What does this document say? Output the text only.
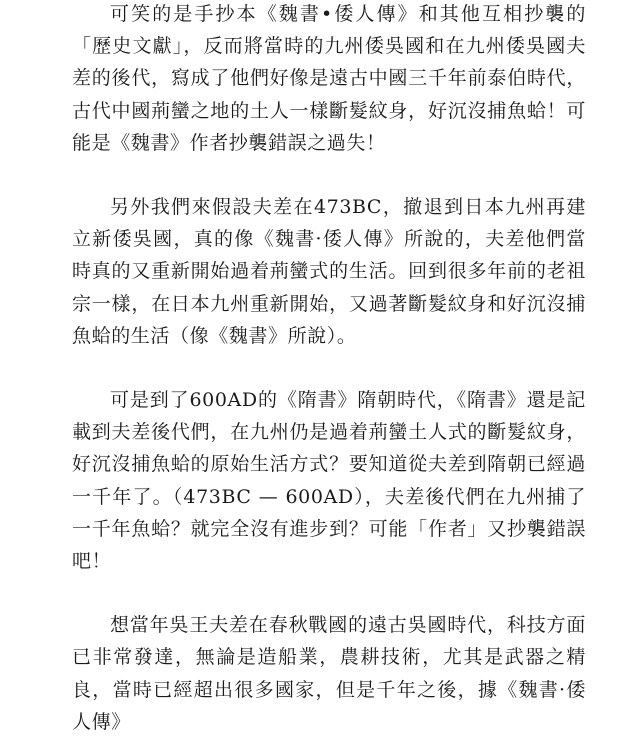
可笑的是手抄本《魏書•倭人傳》和其他互相抄襲的「歷史文獻」，反而將當時的九州倭吳國和在九州倭吳國夫差的後代，寫成了他們好像是遠古中國三千年前泰伯時代，古代中國荊蠻之地的土人一樣斷髮紋身，好沉沒捕魚蛤！可能是《魏書》作者抄襲錯誤之過失！

另外我們來假設夫差在473BC，撤退到日本九州再建立新倭吳國，真的像《魏書·倭人傳》所說的，夫差他們當時真的又重新開始過着荊蠻式的生活。回到很多年前的老祖宗一樣，在日本九州重新開始，又過著斷髮紋身和好沉沒捕魚蛤的生活（像《魏書》所說）。

可是到了600AD的《隋書》隋朝時代，《隋書》還是記載到夫差後代們，在九州仍是過着荊蠻土人式的斷髮紋身，好沉沒捕魚蛤的原始生活方式？要知道從夫差到隋朝已經過一千年了。（473BC — 600AD），夫差後代們在九州捕了一千年魚蛤？就完全沒有進步到？可能「作者」又抄襲錯誤吧！

想當年吳王夫差在春秋戰國的遠古吳國時代，科技方面已非常發達，無論是造船業，農耕技術，尤其是武器之精良，當時已經超出很多國家，但是千年之後，據《魏書·倭人傳》
